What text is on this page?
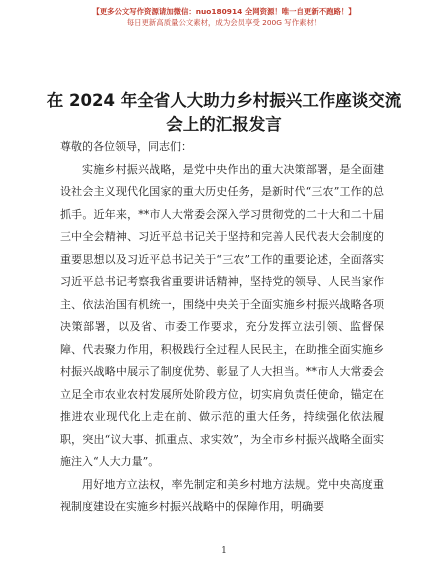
【更多公文写作资源请加微信：nuo180914 全网资源！唯一自更新不跑路！】
每日更新高质量公文素材，成为会员享受 200G 写作素材！
在 2024 年全省人大助力乡村振兴工作座谈交流
会上的汇报发言

尊敬的各位领导，同志们：

实施乡村振兴战略，是党中央作出的重大决策部署，是全面建设社会主义现代化国家的重大历史任务，是新时代“三农”工作的总抓手。近年来，**市人大常委会深入学习贯彻党的二十大和二十届三中全会精神、习近平总书记关于坚持和完善人民代表大会制度的重要思想以及习近平总书记关于“三农”工作的重要论述，全面落实习近平总书记考察我省重要讲话精神，坚持党的领导、人民当家作主、依法治国有机统一，围绕中央关于全面实施乡村振兴战略各项决策部署，以及省、市委工作要求，充分发挥立法引领、监督保障、代表聚力作用，积极践行全过程人民民主，在助推全面实施乡村振兴战略中展示了制度优势、彰显了人大担当。**市人大常委会立足全市农业农村发展所处阶段方位，切实肩负责任使命，锚定在推进农业现代化上走在前、做示范的重大任务，持续强化依法履职，突出“议大事、抓重点、求实效”，为全市乡村振兴战略全面实施注入“人大力量”。

用好地方立法权，率先制定和美乡村地方法规。党中央高度重视制度建设在实施乡村振兴战略中的保障作用，明确要

1
